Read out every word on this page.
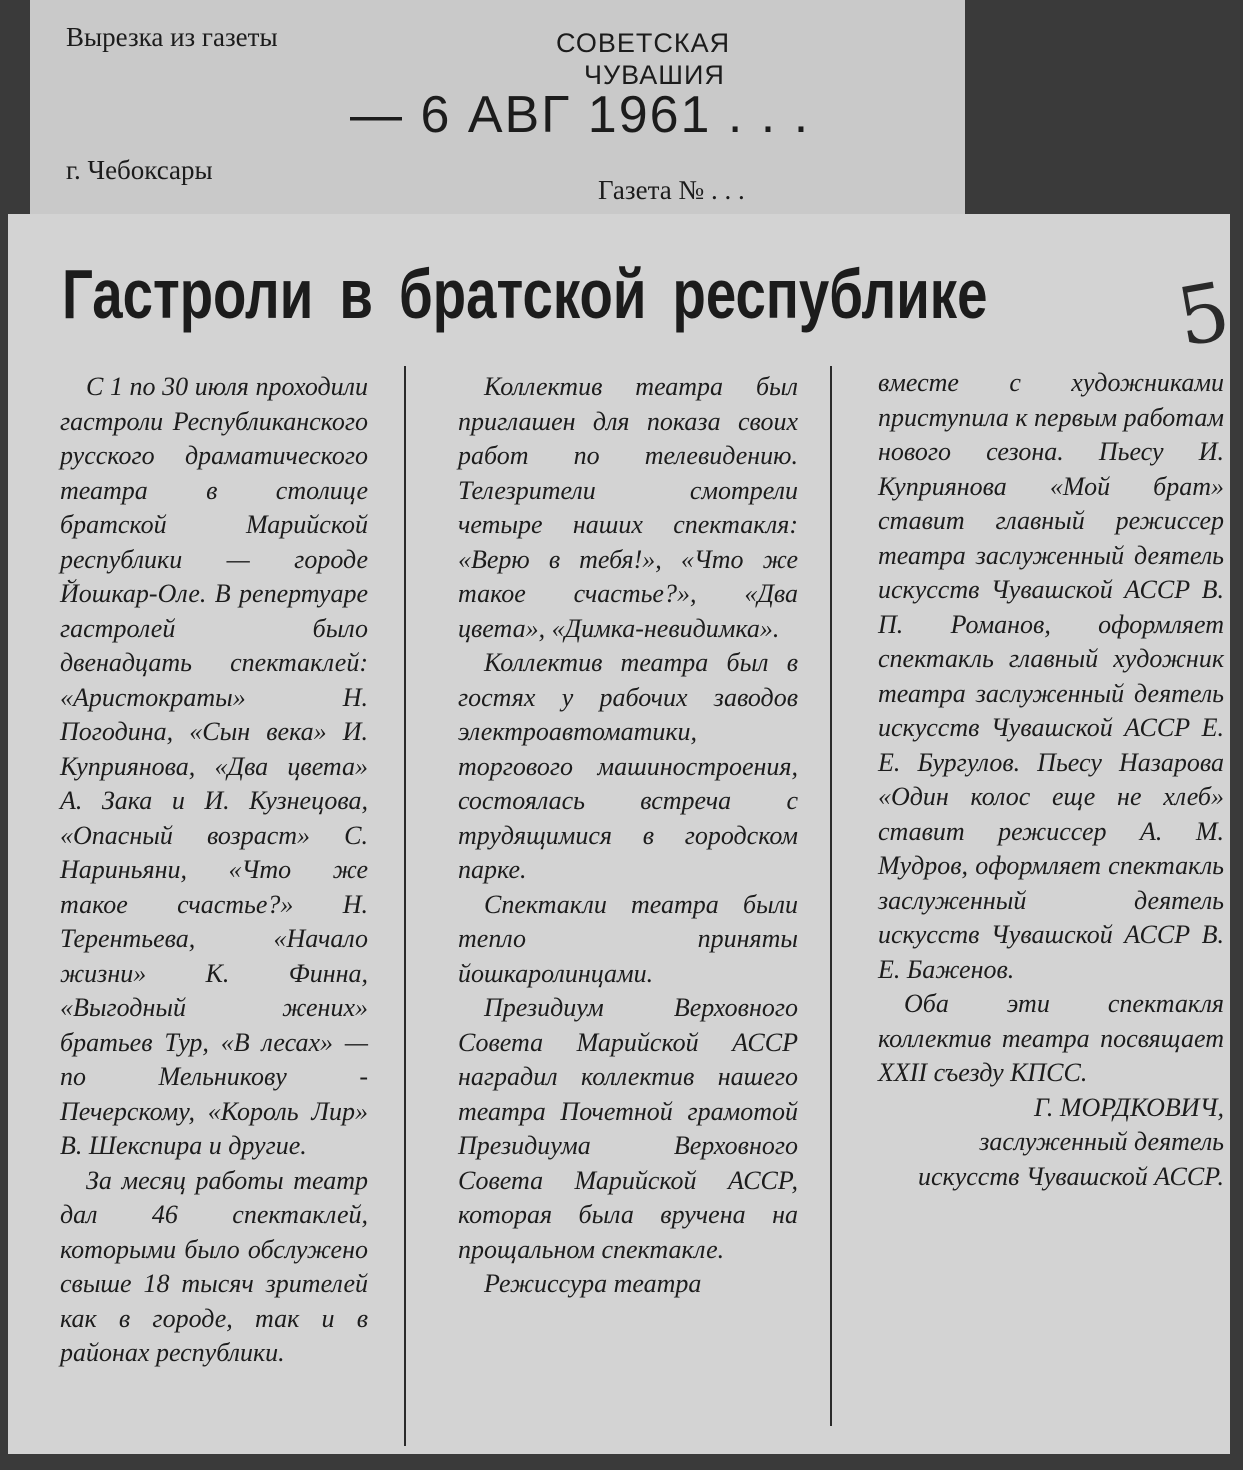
Вырезка из газеты	СОВЕТСКАЯ
ЧУВАШИЯ
— 6 АВГ 1961 . . .
г. Чебоксары
Газета № . . .
Гастроли в братской республике 5

С 1 по 30 июля проходили гастроли Республиканского русского драматического театра в столице братской Марийской республики — городе Йошкар-Оле. В репертуаре гастролей было двенадцать спектаклей: «Аристократы» Н. Погодина, «Сын века» И. Куприянова, «Два цвета» А. Зака и И. Кузнецова, «Опасный возраст» С. Нариньяни, «Что же такое счастье?» Н. Терентьева, «Начало жизни» К. Финна, «Выгодный жених» братьев Тур, «В лесах» —по Мельникову - Печерскому, «Король Лир» В. Шекспира и другие.

За месяц работы театр дал 46 спектаклей, которыми было обслужено свыше 18 тысяч зрителей как в городе, так и в районах республики.

Коллектив театра был приглашен для показа своих работ по телевидению. Телезрители смотрели четыре наших спектакля: «Верю в тебя!», «Что же такое счастье?», «Два цвета», «Димка-невидимка».

Коллектив театра был в гостях у рабочих заводов электроавтоматики, торгового машиностроения, состоялась встреча с трудящимися в городском парке.

Спектакли театра были тепло приняты йошкаролинцами.

Президиум Верховного Совета Марийской АССР наградил коллектив нашего театра Почетной грамотой Президиума Верховного Совета Марийской АССР, которая была вручена на прощальном спектакле.

Режиссура театра

вместе с художниками приступила к первым работам нового сезона. Пьесу И. Куприянова «Мой брат» ставит главный режиссер театра заслуженный деятель искусств Чувашской АССР В. П. Романов, оформляет спектакль главный художник театра заслуженный деятель искусств Чувашской АССР Е. Е. Бургулов. Пьесу Назарова «Один колос еще не хлеб» ставит режиссер А. М. Мудров, оформляет спектакль заслуженный деятель искусств Чувашской АССР В. Е. Баженов.

Оба эти спектакля коллектив театра посвящает XXII съезду КПСС.

Г. МОРДКОВИЧ,

заслуженный деятель искусств Чувашской АССР.
